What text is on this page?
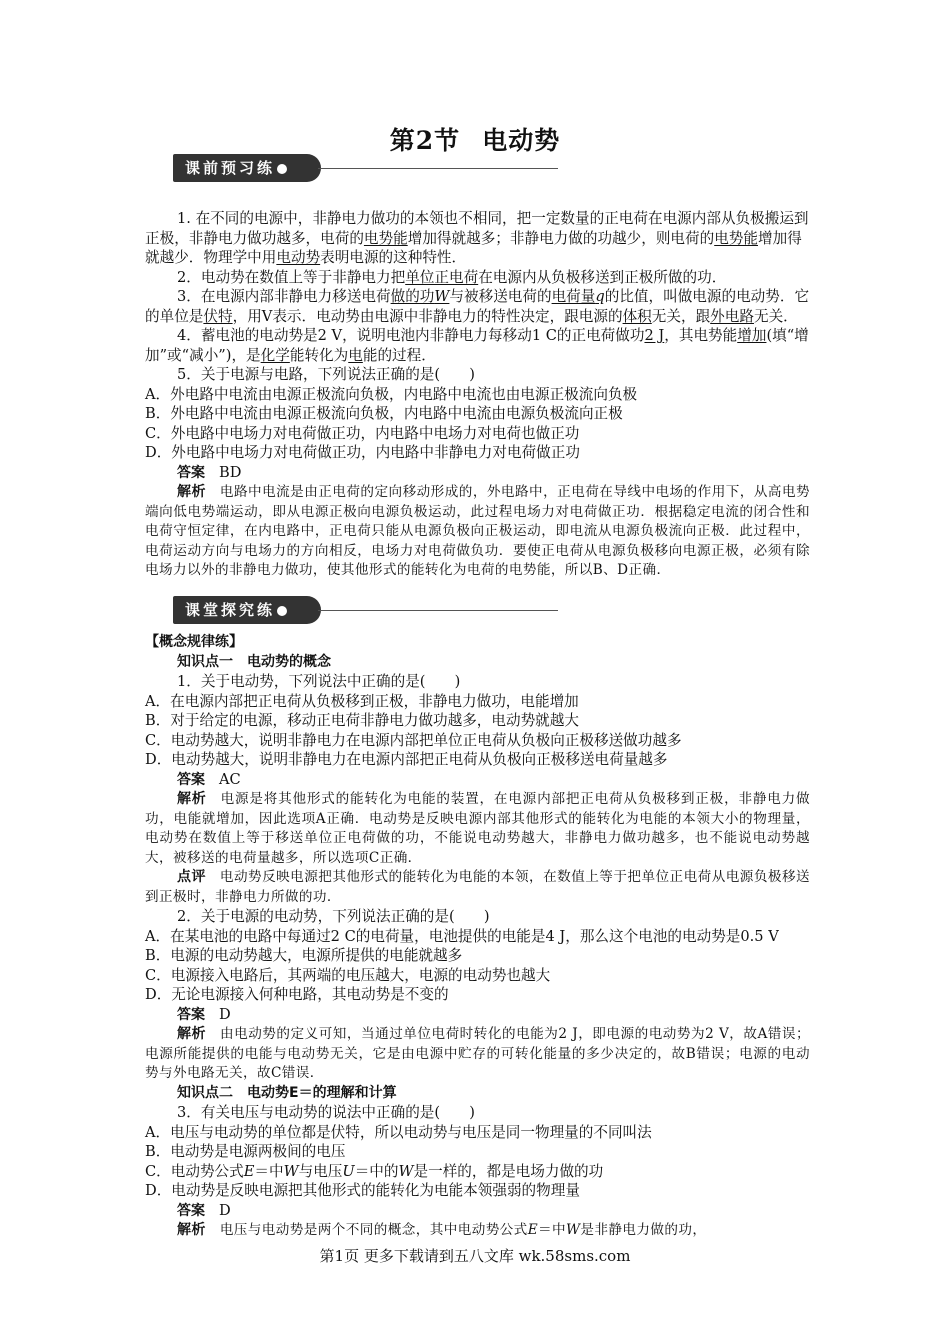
第2节 电动势
课前预习练

1. 在不同的电源中，非静电力做功的本领也不相同，把一定数量的正电荷在电源内部从负极搬运到正极，非静电力做功越多，电荷的电势能增加得就越多；非静电力做的功越少，则电荷的电势能增加得就越少．物理学中用电动势表明电源的这种特性．

2．电动势在数值上等于非静电力把单位正电荷在电源内从负极移送到正极所做的功．

3．在电源内部非静电力移送电荷做的功W与被移送电荷的电荷量q的比值，叫做电源的电动势．它的单位是伏特，用V表示．电动势由电源中非静电力的特性决定，跟电源的体积无关，跟外电路无关．

4．蓄电池的电动势是2 V，说明电池内非静电力每移动1 C的正电荷做功2 J，其电势能增加(填“增加”或“减小”)，是化学能转化为电能的过程．

5．关于电源与电路，下列说法正确的是(　　)

A．外电路中电流由电源正极流向负极，内电路中电流也由电源正极流向负极

B．外电路中电流由电源正极流向负极，内电路中电流由电源负极流向正极

C．外电路中电场力对电荷做正功，内电路中电场力对电荷也做正功

D．外电路中电场力对电荷做正功，内电路中非静电力对电荷做正功

答案 BD

解析 电路中电流是由正电荷的定向移动形成的，外电路中，正电荷在导线中电场的作用下，从高电势端向低电势端运动，即从电源正极向电源负极运动，此过程电场力对电荷做正功．根据稳定电流的闭合性和电荷守恒定律，在内电路中，正电荷只能从电源负极向正极运动，即电流从电源负极流向正极．此过程中，电荷运动方向与电场力的方向相反，电场力对电荷做负功．要使正电荷从电源负极移向电源正极，必须有除电场力以外的非静电力做功，使其他形式的能转化为电荷的电势能，所以B、D正确．

课堂探究练

【概念规律练】

知识点一　电动势的概念

1．关于电动势，下列说法中正确的是(　　)

A．在电源内部把正电荷从负极移到正极，非静电力做功，电能增加

B．对于给定的电源，移动正电荷非静电力做功越多，电动势就越大

C．电动势越大，说明非静电力在电源内部把单位正电荷从负极向正极移送做功越多

D．电动势越大，说明非静电力在电源内部把正电荷从负极向正极移送电荷量越多

答案 AC

解析 电源是将其他形式的能转化为电能的装置，在电源内部把正电荷从负极移到正极，非静电力做功，电能就增加，因此选项A正确．电动势是反映电源内部其他形式的能转化为电能的本领大小的物理量，电动势在数值上等于移送单位正电荷做的功，不能说电动势越大，非静电力做功越多，也不能说电动势越大，被移送的电荷量越多，所以选项C正确．

点评 电动势反映电源把其他形式的能转化为电能的本领，在数值上等于把单位正电荷从电源负极移送到正极时，非静电力所做的功．

2．关于电源的电动势，下列说法正确的是(　　)

A．在某电池的电路中每通过2 C的电荷量，电池提供的电能是4 J，那么这个电池的电动势是0.5 V

B．电源的电动势越大，电源所提供的电能就越多

C．电源接入电路后，其两端的电压越大，电源的电动势也越大

D．无论电源接入何种电路，其电动势是不变的

答案 D

解析 由电动势的定义可知，当通过单位电荷时转化的电能为2 J，即电源的电动势为2 V，故A错误；电源所能提供的电能与电动势无关，它是由电源中贮存的可转化能量的多少决定的，故B错误；电源的电动势与外电路无关，故C错误．

知识点二　电动势E＝的理解和计算

3．有关电压与电动势的说法中正确的是(　　)

A．电压与电动势的单位都是伏特，所以电动势与电压是同一物理量的不同叫法

B．电动势是电源两极间的电压

C．电动势公式E＝中W与电压U＝中的W是一样的，都是电场力做的功

D．电动势是反映电源把其他形式的能转化为电能本领强弱的物理量

答案 D

解析 电压与电动势是两个不同的概念，其中电动势公式E＝中W是非静电力做的功，

第1页 更多下载请到五八文库 wk.58sms.com
